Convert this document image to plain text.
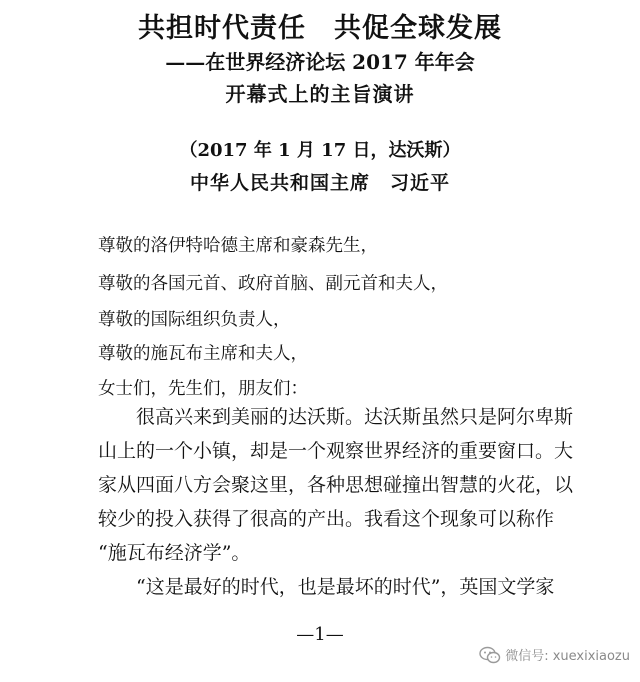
共担时代责任　共促全球发展
——在世界经济论坛 2017 年年会
开幕式上的主旨演讲
（2017 年 1 月 17 日，达沃斯）
中华人民共和国主席　习近平
尊敬的洛伊特哈德主席和豪森先生，
尊敬的各国元首、政府首脑、副元首和夫人，
尊敬的国际组织负责人，
尊敬的施瓦布主席和夫人，
女士们，先生们，朋友们：
　　很高兴来到美丽的达沃斯。达沃斯虽然只是阿尔卑斯
山上的一个小镇，却是一个观察世界经济的重要窗口。大
家从四面八方会聚这里，各种思想碰撞出智慧的火花，以
较少的投入获得了很高的产出。我看这个现象可以称作
“施瓦布经济学”。
　　“这是最好的时代，也是最坏的时代”，英国文学家
—1—
微信号: xuexixiaozu
